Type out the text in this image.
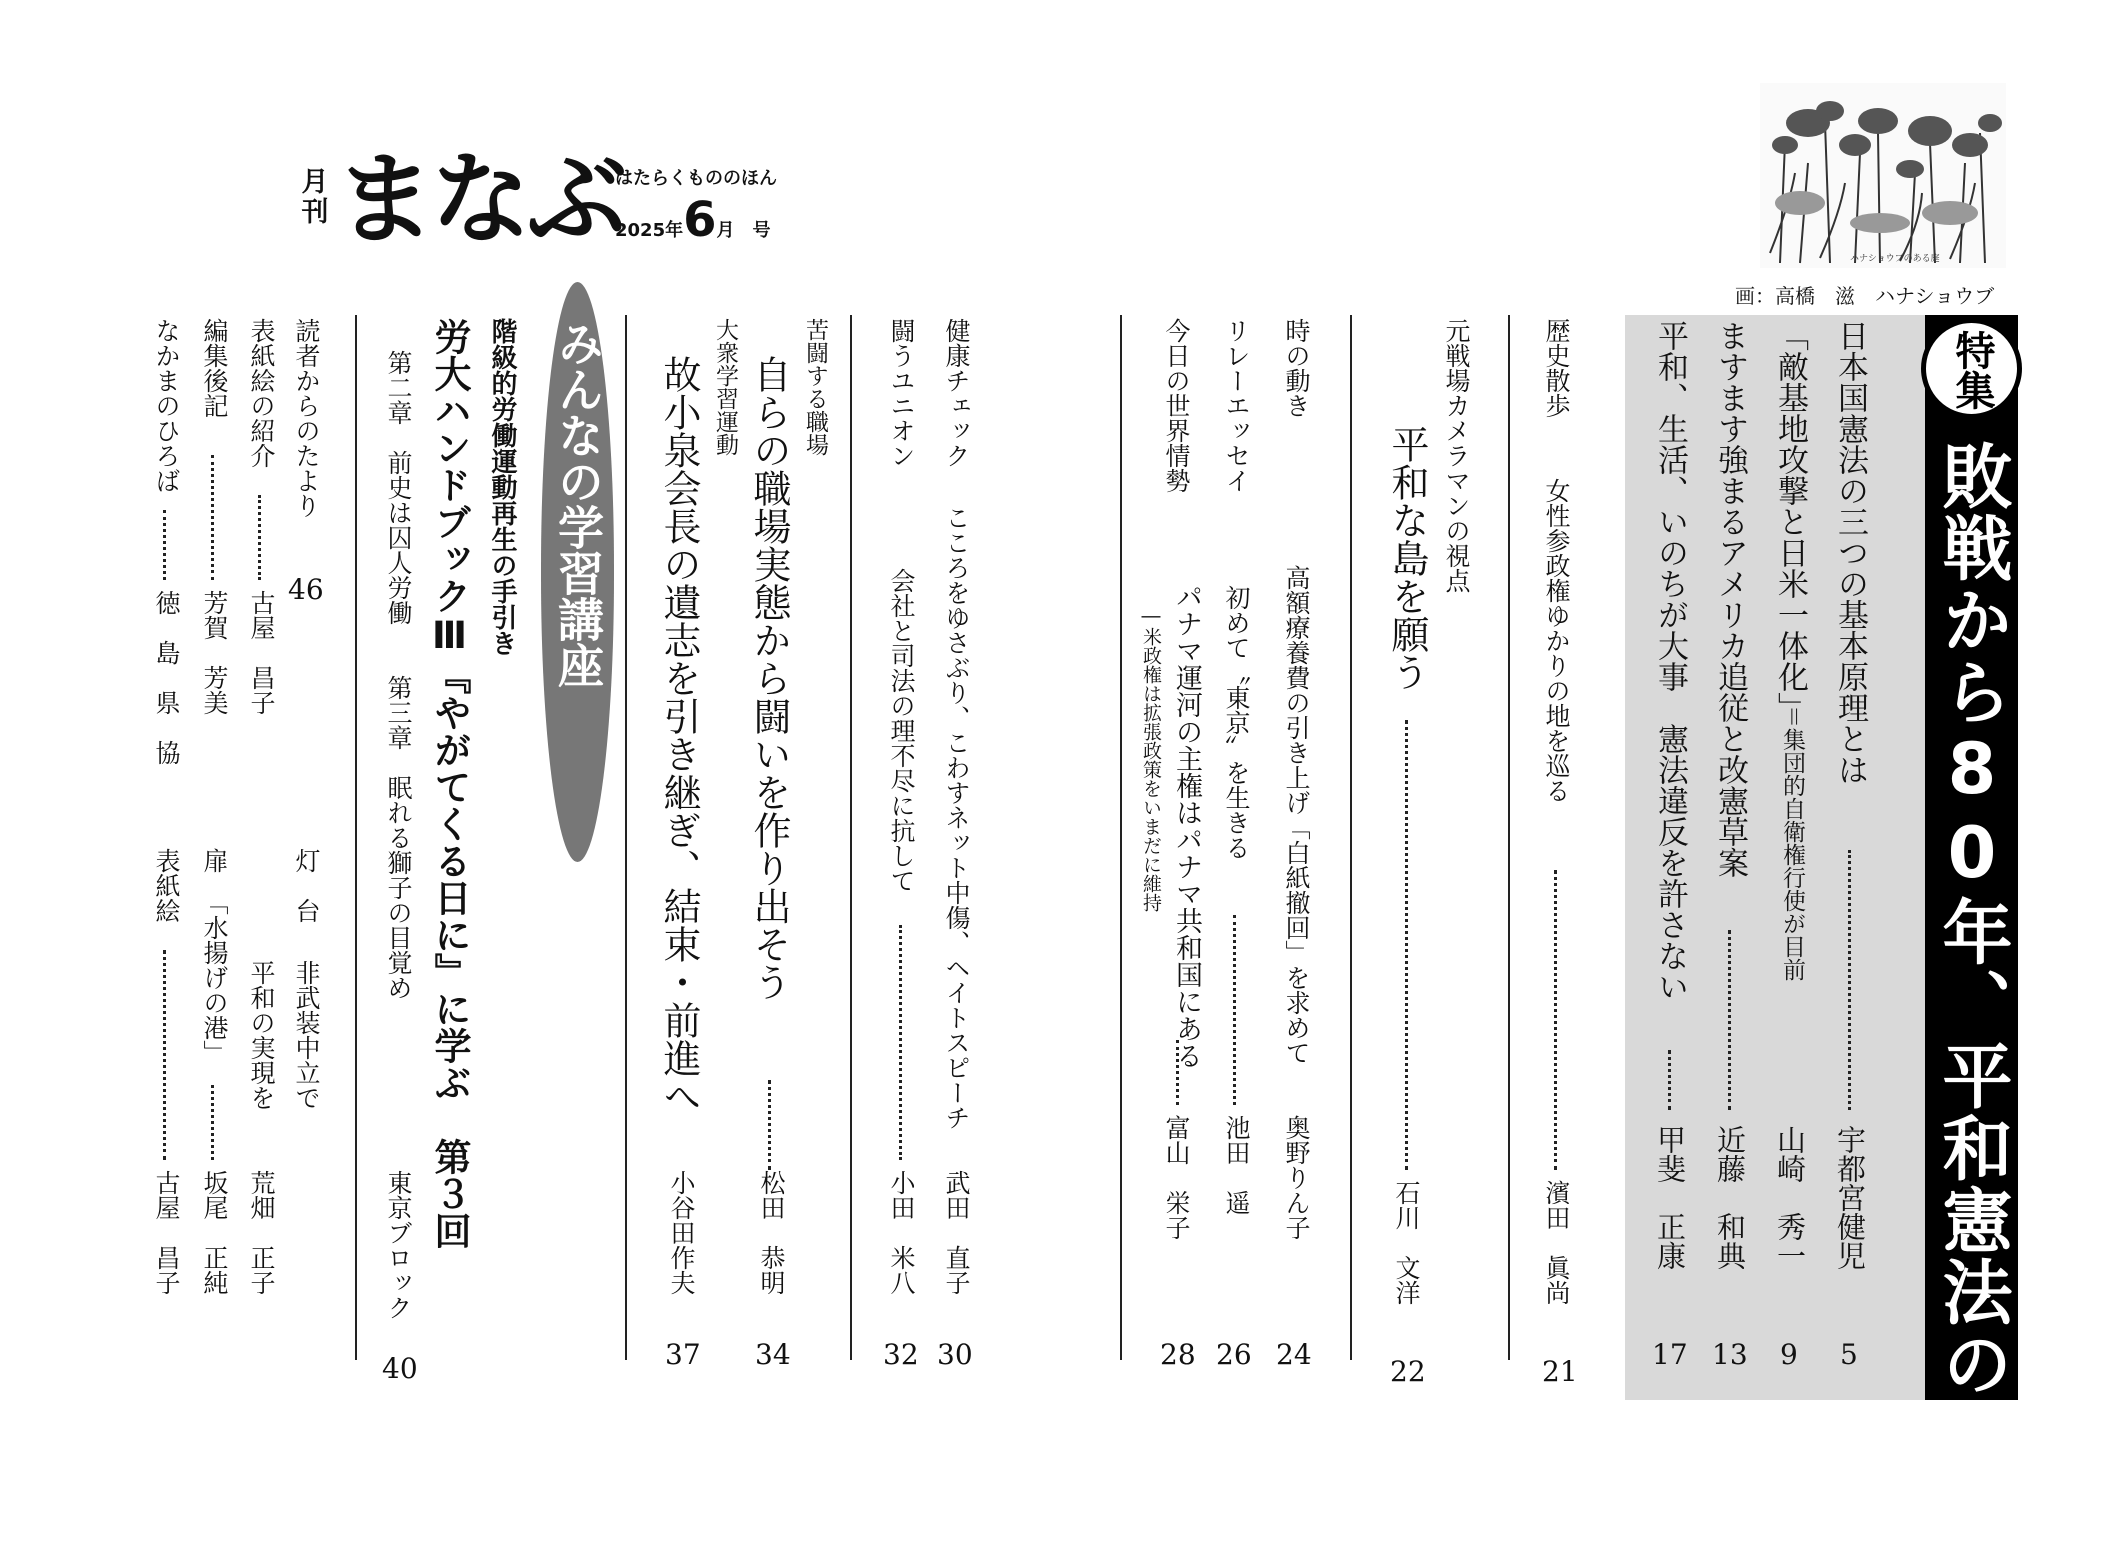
月刊 まなぶ
はたらくもののほん
2025年6月　 号
ハナショウブのある庭
画：高橋　滋　ハナショウブ
特集
敗戦から80年、平和憲法の危機
日本国憲法の三つの基本原理とは
宇都宮健児
5
「敵基地攻撃と日米一体化」
＝集団的自衛権行使が目前
山崎　秀一
9
ますます強まるアメリカ追従と改憲草案
近藤　和典
13
平和、生活、いのちが大事　憲法違反を許さない
甲斐　正康
17
歴史散歩
女性参政権ゆかりの地を巡る
濱田　眞尚
21
元戦場カメラマンの視点
平和な島を願う
石川　文洋
22
時の動き
高額療養費の引き上げ「白紙撤回」を求めて
奥野りん子
24
リレーエッセイ
初めて〝東京〟を生きる
池田　遥
26
今日の世界情勢
パナマ運河の主権はパナマ共和国にある
―米政権は拡張政策をいまだに維持
富山　栄子
28
健康チェック
こころをゆさぶり、こわすネット中傷、ヘイトスピーチ
武田　直子
30
闘うユニオン
会社と司法の理不尽に抗して
小田　米八
32
苦闘する職場
自らの職場実態から闘いを作り出そう
松田　恭明
34
大衆学習運動
故小泉会長の遺志を引き継ぎ、結束・前進へ
小谷田作夫
37
みんなの学習講座
階級的労働運動再生の手引き
労大ハンドブックⅢ『やがてくる日に』に学ぶ　第３回
第二章　前史は囚人労働　　第三章　眠れる獅子の目覚め
東京ブロック
40
読者からのたより
46
表紙絵の紹介
古屋　昌子
編集後記
芳賀　芳美
なかまのひろば
徳　島　県　協
灯　台
非武装中立で
平和の実現を
荒畑　正子
扉
「水揚げの港」
坂尾　正純
表紙絵
古屋　昌子
